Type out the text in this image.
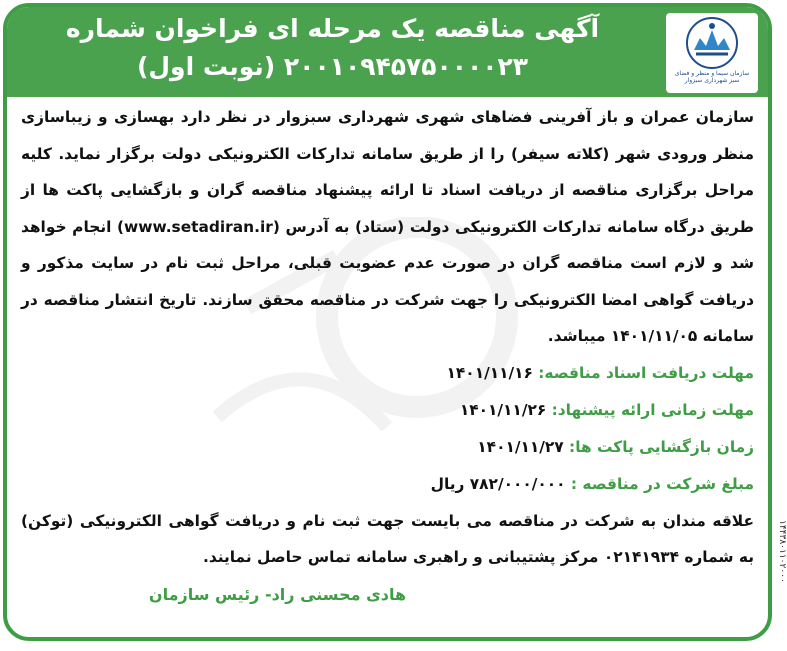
آگهی مناقصه یک مرحله ای فراخوان شماره
۲۰۰۱۰۹۴۵۷۵۰۰۰۰۲۳ (نوبت اول)	سازمان سیما و منظر و فضای سبز شهرداری سبزوار

سازمان عمران و باز آفرینی فضاهای شهری شهرداری سبزوار در نظر دارد بهسازی و زیباسازی منظر ورودی شهر (کلاته سیفر) را از طریق سامانه تدارکات الکترونیکی دولت برگزار نماید. کلیه مراحل برگزاری مناقصه از دریافت اسناد تا ارائه پیشنهاد مناقصه گران و بازگشایی پاکت ها از طریق درگاه سامانه تدارکات الکترونیکی دولت (ستاد) به آدرس (www.setadiran.ir) انجام خواهد شد و لازم است مناقصه گران در صورت عدم عضویت قبلی، مراحل ثبت نام در سایت مذکور و دریافت گواهی امضا الکترونیکی را جهت شرکت در مناقصه محقق سازند. تاریخ انتشار مناقصه در سامانه ۱۴۰۱/۱۱/۰۵ میباشد.

مهلت دریافت اسناد مناقصه: ۱۴۰۱/۱۱/۱۶
مهلت زمانی ارائه پیشنهاد: ۱۴۰۱/۱۱/۲۶
زمان بازگشایی پاکت ها: ۱۴۰۱/۱۱/۲۷
مبلغ شرکت در مناقصه : ۷۸۲/۰۰۰/۰۰۰ ریال

علاقه مندان به شرکت در مناقصه می بایست جهت ثبت نام و دریافت گواهی الکترونیکی (توکن) به شماره ۰۲۱۴۱۹۳۴ مرکز پشتیبانی و راهبری سامانه تماس حاصل نمایند.

هادی محسنی راد- رئیس سازمان
۱۴۴۳۸۰۱۱۰۲۰۰۰
